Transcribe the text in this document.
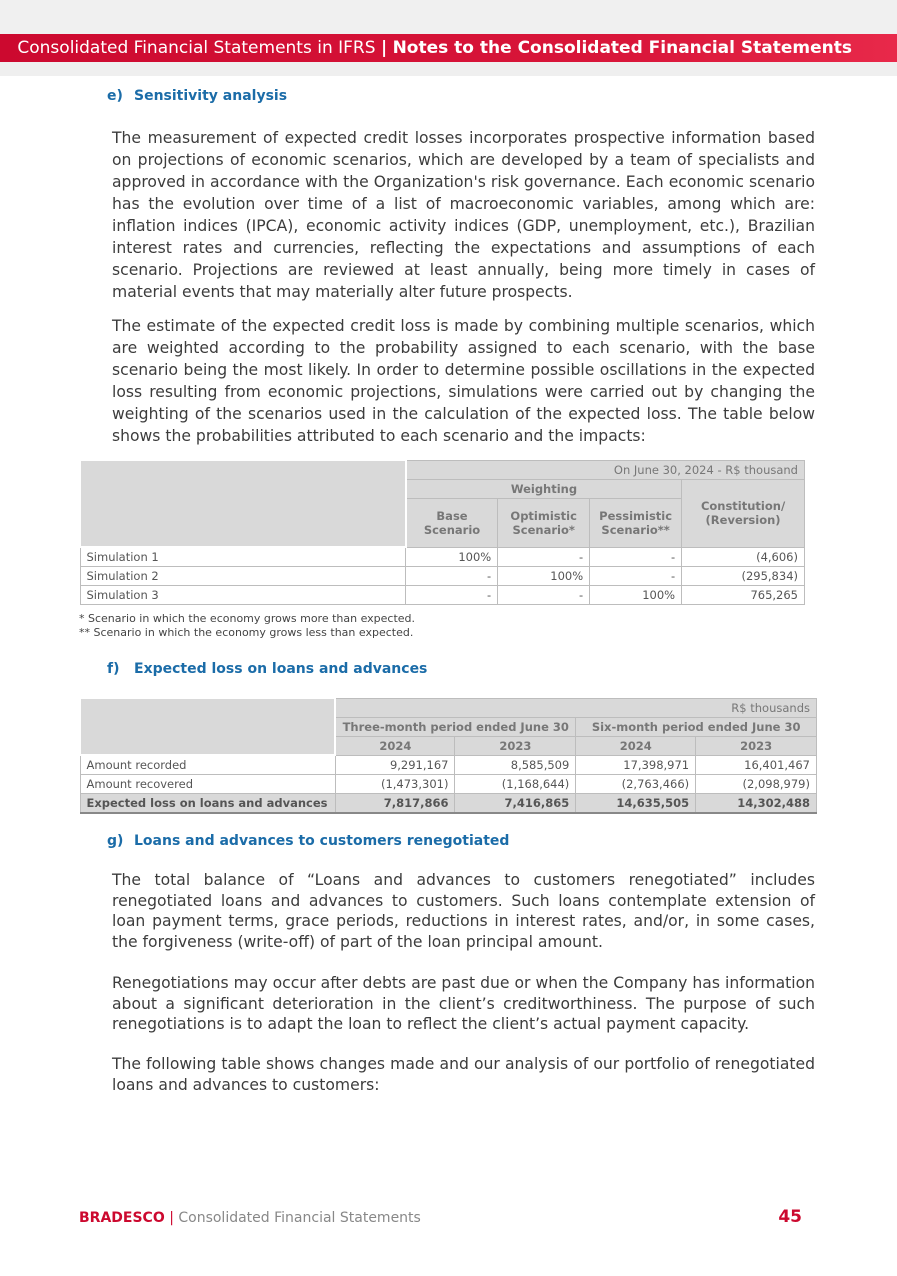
Consolidated Financial Statements in IFRS | Notes to the Consolidated Financial Statements
e) Sensitivity analysis

The measurement of expected credit losses incorporates prospective information based on projections of economic scenarios, which are developed by a team of specialists and approved in accordance with the Organization's risk governance. Each economic scenario has the evolution over time of a list of macroeconomic variables, among which are: inflation indices (IPCA), economic activity indices (GDP, unemployment, etc.), Brazilian interest rates and currencies, reflecting the expectations and assumptions of each scenario. Projections are reviewed at least annually, being more timely in cases of material events that may materially alter future prospects.

The estimate of the expected credit loss is made by combining multiple scenarios, which are weighted according to the probability assigned to each scenario, with the base scenario being the most likely. In order to determine possible oscillations in the expected loss resulting from economic projections, simulations were carried out by changing the weighting of the scenarios used in the calculation of the expected loss. The table below shows the probabilities attributed to each scenario and the impacts:

	On June 30, 2024 - R$ thousand			
	Weighting			Constitution/ (Reversion)
	Base Scenario	Optimistic Scenario*	Pessimistic Scenario**	
Simulation 1	100%	-	-	(4,606)
Simulation 2	-	100%	-	(295,834)
Simulation 3	-	-	100%	765,265
* Scenario in which the economy grows more than expected.
** Scenario in which the economy grows less than expected.
f) Expected loss on loans and advances
	R$ thousands			
	Three-month period ended June 30		Six-month period ended June 30	
	2024	2023	2024	2023
Amount recorded	9,291,167	8,585,509	17,398,971	16,401,467
Amount recovered	(1,473,301)	(1,168,644)	(2,763,466)	(2,098,979)
Expected loss on loans and advances	7,817,866	7,416,865	14,635,505	14,302,488
g) Loans and advances to customers renegotiated

The total balance of “Loans and advances to customers renegotiated” includes renegotiated loans and advances to customers. Such loans contemplate extension of loan payment terms, grace periods, reductions in interest rates, and/or, in some cases, the forgiveness (write-off) of part of the loan principal amount.

Renegotiations may occur after debts are past due or when the Company has information about a significant deterioration in the client’s creditworthiness. The purpose of such renegotiations is to adapt the loan to reflect the client’s actual payment capacity.

The following table shows changes made and our analysis of our portfolio of renegotiated loans and advances to customers:

BRADESCO | Consolidated Financial Statements	45
